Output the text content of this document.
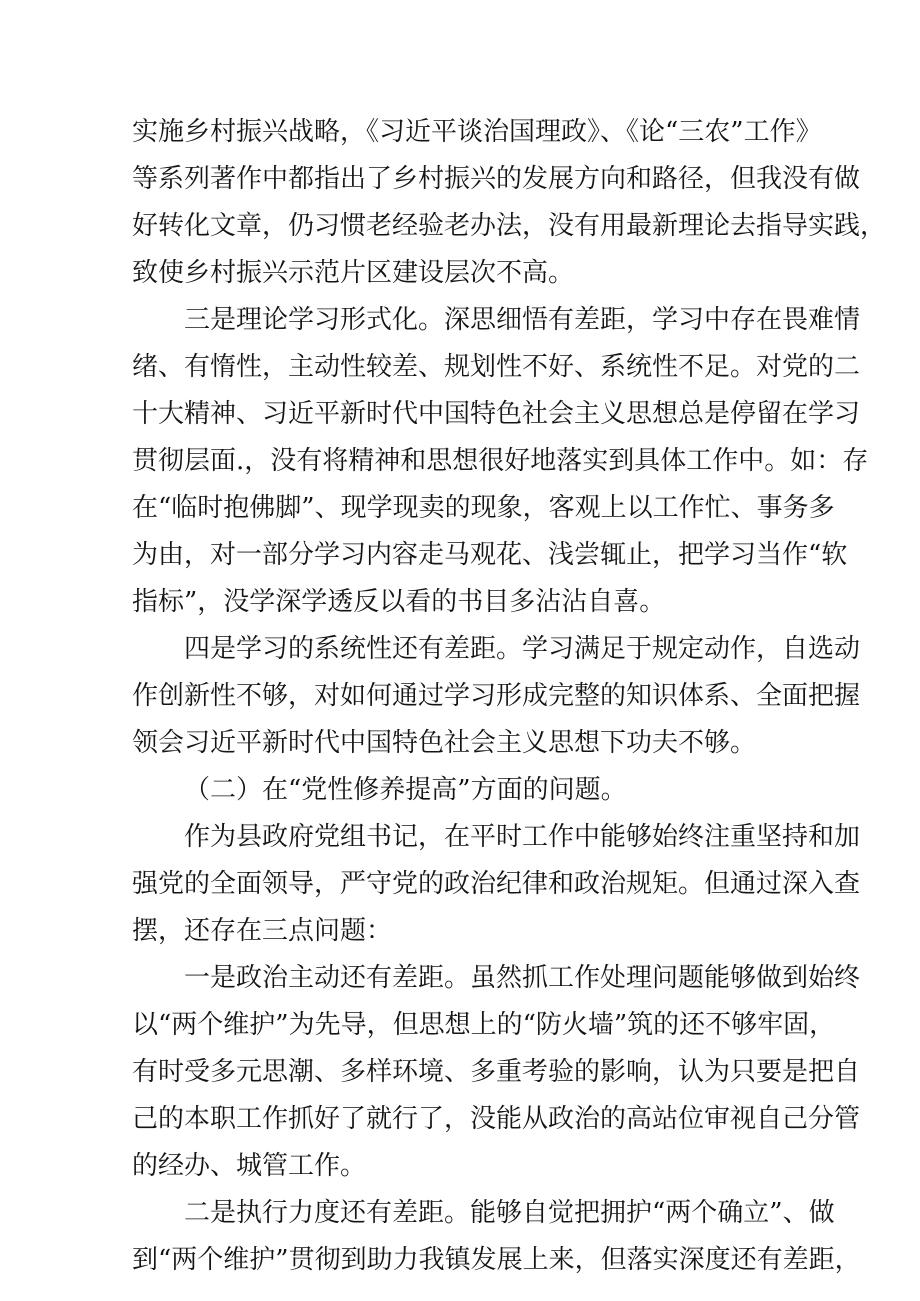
实施乡村振兴战略，《习近平谈治国理政》、《论“三农”工作》
等系列著作中都指出了乡村振兴的发展方向和路径，但我没有做
好转化文章，仍习惯老经验老办法，没有用最新理论去指导实践，
致使乡村振兴示范片区建设层次不高。
三是理论学习形式化。深思细悟有差距，学习中存在畏难情
绪、有惰性，主动性较差、规划性不好、系统性不足。对党的二
十大精神、习近平新时代中国特色社会主义思想总是停留在学习
贯彻层面.，没有将精神和思想很好地落实到具体工作中。如：存
在“临时抱佛脚”、现学现卖的现象，客观上以工作忙、事务多
为由，对一部分学习内容走马观花、浅尝辄止，把学习当作“软
指标”，没学深学透反以看的书目多沾沾自喜。
四是学习的系统性还有差距。学习满足于规定动作，自选动
作创新性不够，对如何通过学习形成完整的知识体系、全面把握
领会习近平新时代中国特色社会主义思想下功夫不够。
（二）在“党性修养提高”方面的问题。
作为县政府党组书记，在平时工作中能够始终注重坚持和加
强党的全面领导，严守党的政治纪律和政治规矩。但通过深入查
摆，还存在三点问题：
一是政治主动还有差距。虽然抓工作处理问题能够做到始终
以“两个维护”为先导，但思想上的“防火墙”筑的还不够牢固，
有时受多元思潮、多样环境、多重考验的影响，认为只要是把自
己的本职工作抓好了就行了，没能从政治的高站位审视自己分管
的经办、城管工作。
二是执行力度还有差距。能够自觉把拥护“两个确立”、做
到“两个维护”贯彻到助力我镇发展上来，但落实深度还有差距，
